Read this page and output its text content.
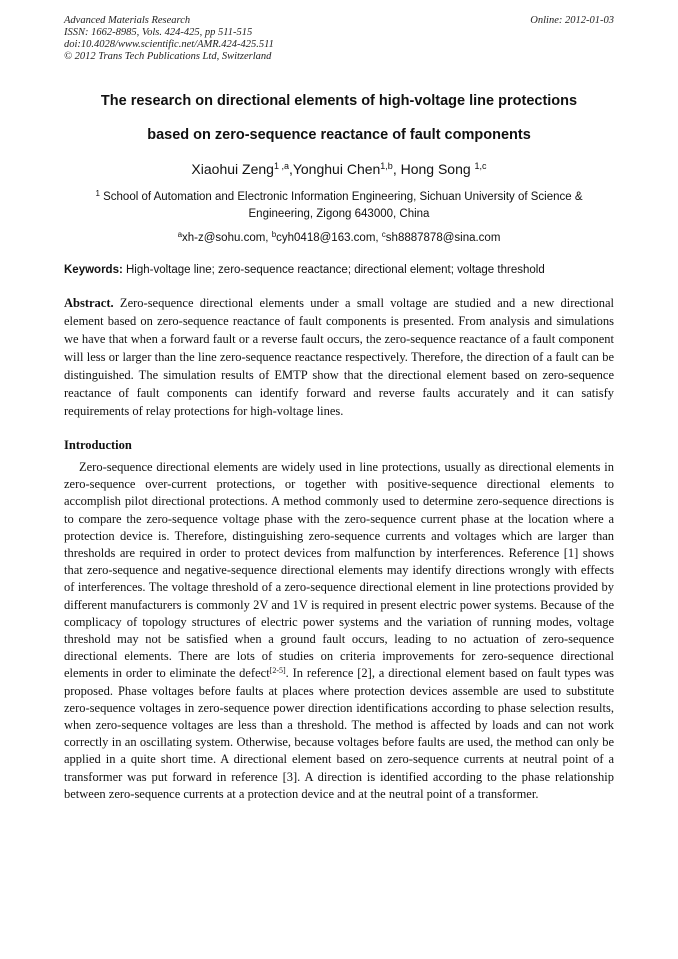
Advanced Materials Research
ISSN: 1662-8985, Vols. 424-425, pp 511-515
doi:10.4028/www.scientific.net/AMR.424-425.511
© 2012 Trans Tech Publications Ltd, Switzerland
Online: 2012-01-03
The research on directional elements of high-voltage line protections
based on zero-sequence reactance of fault components
Xiaohui Zeng$^{1 ,a}$,Yonghui Chen$^{1,b}$, Hong Song $^{1,c}$
$^1$ School of Automation and Electronic Information Engineering, Sichuan University of Science & Engineering, Zigong 643000, China
$^a$xh-z@sohu.com, $^b$cyh0418@163.com, $^c$sh8887878@sina.com
Keywords: High-voltage line; zero-sequence reactance; directional element; voltage threshold
Abstract. Zero-sequence directional elements under a small voltage are studied and a new directional element based on zero-sequence reactance of fault components is presented. From analysis and simulations we have that when a forward fault or a reverse fault occurs, the zero-sequence reactance of a fault component will less or larger than the line zero-sequence reactance respectively. Therefore, the direction of a fault can be distinguished. The simulation results of EMTP show that the directional element based on zero-sequence reactance of fault components can identify forward and reverse faults accurately and it can satisfy requirements of relay protections for high-voltage lines.
Introduction
Zero-sequence directional elements are widely used in line protections, usually as directional elements in zero-sequence over-current protections, or together with positive-sequence directional elements to accomplish pilot directional protections. A method commonly used to determine zero-sequence directions is to compare the zero-sequence voltage phase with the zero-sequence current phase at the location where a protection device is. Therefore, distinguishing zero-sequence currents and voltages which are larger than thresholds are required in order to protect devices from malfunction by interferences. Reference [1] shows that zero-sequence and negative-sequence directional elements may identify directions wrongly with effects of interferences. The voltage threshold of a zero-sequence directional element in line protections provided by different manufacturers is commonly 2V and 1V is required in present electric power systems. Because of the complicacy of topology structures of electric power systems and the variation of running modes, voltage threshold may not be satisfied when a ground fault occurs, leading to no actuation of zero-sequence directional elements. There are lots of studies on criteria improvements for zero-sequence directional elements in order to eliminate the defect[2-5]. In reference [2], a directional element based on fault types was proposed. Phase voltages before faults at places where protection devices assemble are used to substitute zero-sequence voltages in zero-sequence power direction identifications according to phase selection results, when zero-sequence voltages are less than a threshold. The method is affected by loads and can not work correctly in an oscillating system. Otherwise, because voltages before faults are used, the method can only be applied in a quite short time. A directional element based on zero-sequence currents at neutral point of a transformer was put forward in reference [3]. A direction is identified according to the phase relationship between zero-sequence currents at a protection device and at the neutral point of a transformer.
